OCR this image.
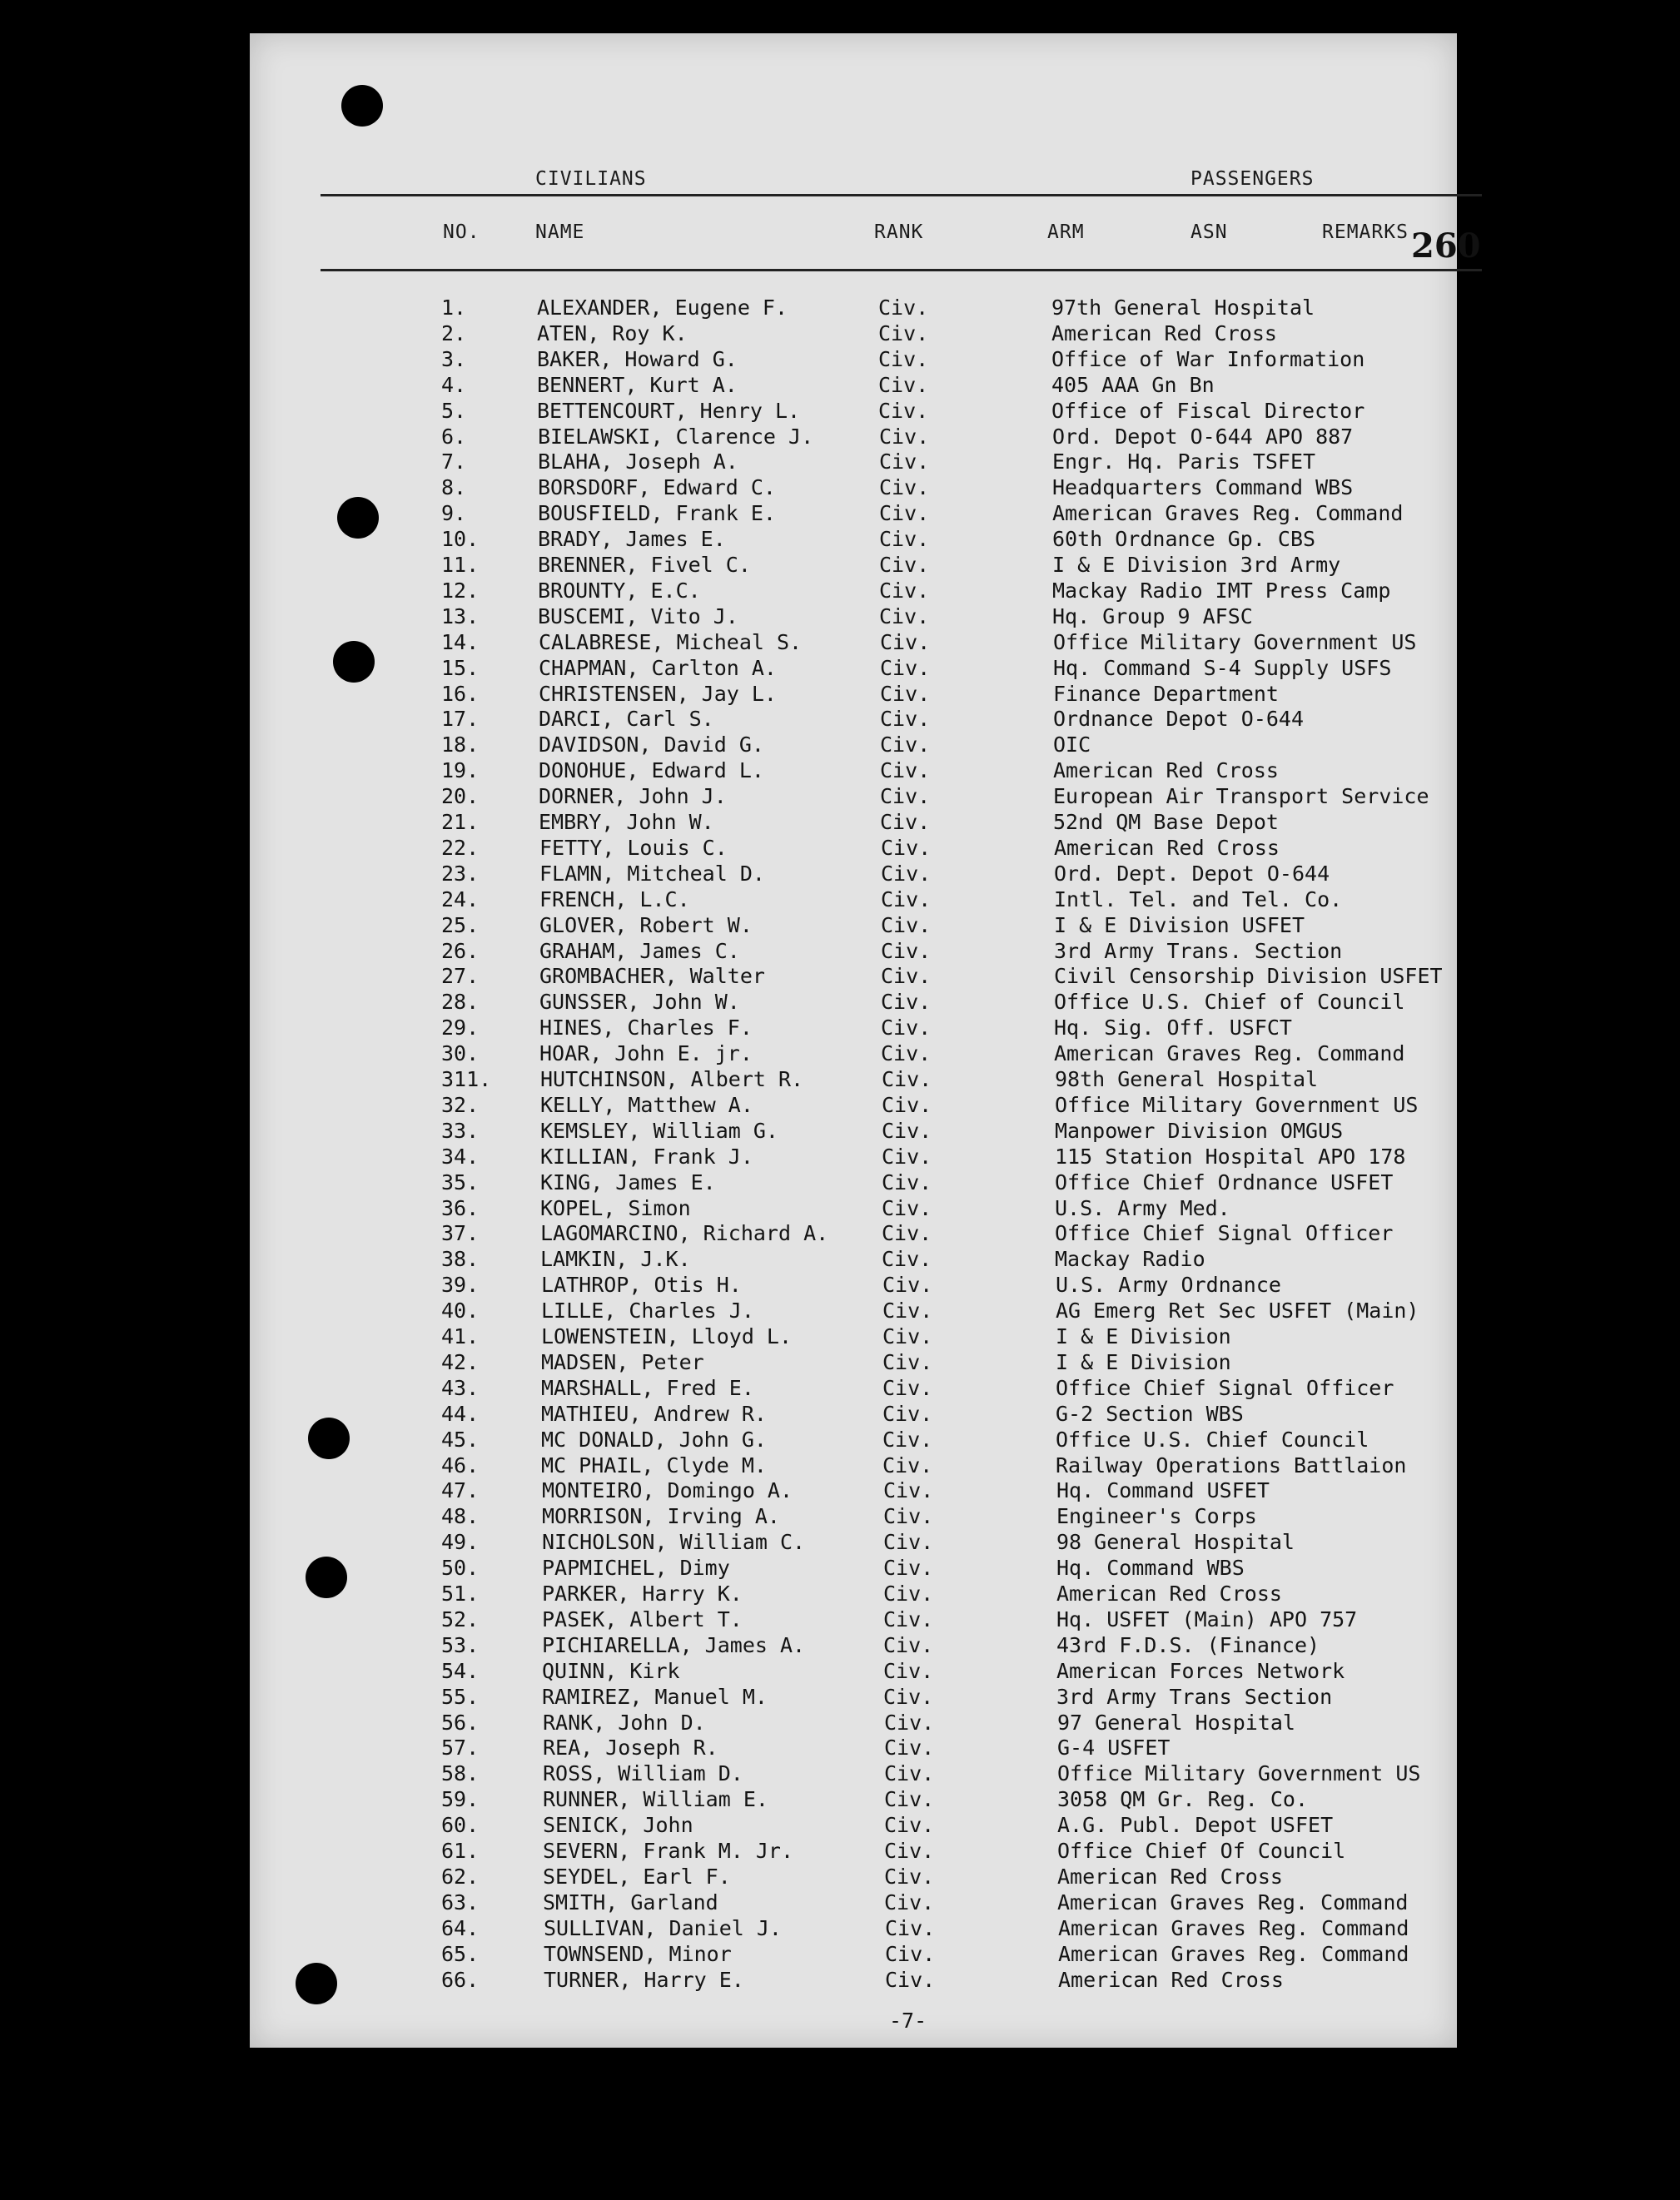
CIVILIANS	PASSENGERS
NO.	NAME	RANK	ARM	ASN	REMARKS 260
1.	ALEXANDER, Eugene F.	Civ.	97th General Hospital
2.	ATEN, Roy K.	Civ.	American Red Cross
3.	BAKER, Howard G.	Civ.	Office of War Information
4.	BENNERT, Kurt A.	Civ.	405 AAA Gn Bn
5.	BETTENCOURT, Henry L.	Civ.	Office of Fiscal Director
6.	BIELAWSKI, Clarence J.	Civ.	Ord. Depot O-644 APO 887
7.	BLAHA, Joseph A.	Civ.	Engr. Hq. Paris TSFET
8.	BORSDORF, Edward C.	Civ.	Headquarters Command WBS
9.	BOUSFIELD, Frank E.	Civ.	American Graves Reg. Command
10.	BRADY, James E.	Civ.	60th Ordnance Gp. CBS
11.	BRENNER, Fivel C.	Civ.	I & E Division 3rd Army
12.	BROUNTY, E.C.	Civ.	Mackay Radio IMT Press Camp
13.	BUSCEMI, Vito J.	Civ.	Hq. Group 9 AFSC
14.	CALABRESE, Micheal S.	Civ.	Office Military Government US
15.	CHAPMAN, Carlton A.	Civ.	Hq. Command S-4 Supply USFS
16.	CHRISTENSEN, Jay L.	Civ.	Finance Department
17.	DARCI, Carl S.	Civ.	Ordnance Depot O-644
18.	DAVIDSON, David G.	Civ.	OIC
19.	DONOHUE, Edward L.	Civ.	American Red Cross
20.	DORNER, John J.	Civ.	European Air Transport Service
21.	EMBRY, John W.	Civ.	52nd QM Base Depot
22.	FETTY, Louis C.	Civ.	American Red Cross
23.	FLAMN, Mitcheal D.	Civ.	Ord. Dept. Depot O-644
24.	FRENCH, L.C.	Civ.	Intl. Tel. and Tel. Co.
25.	GLOVER, Robert W.	Civ.	I & E Division USFET
26.	GRAHAM, James C.	Civ.	3rd Army Trans. Section
27.	GROMBACHER, Walter	Civ.	Civil Censorship Division USFET
28.	GUNSSER, John W.	Civ.	Office U.S. Chief of Council
29.	HINES, Charles F.	Civ.	Hq. Sig. Off. USFCT
30.	HOAR, John E. jr.	Civ.	American Graves Reg. Command
311.	HUTCHINSON, Albert R.	Civ.	98th General Hospital
32.	KELLY, Matthew A.	Civ.	Office Military Government US
33.	KEMSLEY, William G.	Civ.	Manpower Division OMGUS
34.	KILLIAN, Frank J.	Civ.	115 Station Hospital APO 178
35.	KING, James E.	Civ.	Office Chief Ordnance USFET
36.	KOPEL, Simon	Civ.	U.S. Army Med.
37.	LAGOMARCINO, Richard A.	Civ.	Office Chief Signal Officer
38.	LAMKIN, J.K.	Civ.	Mackay Radio
39.	LATHROP, Otis H.	Civ.	U.S. Army Ordnance
40.	LILLE, Charles J.	Civ.	AG Emerg Ret Sec USFET (Main)
41.	LOWENSTEIN, Lloyd L.	Civ.	I & E Division
42.	MADSEN, Peter	Civ.	I & E Division
43.	MARSHALL, Fred E.	Civ.	Office Chief Signal Officer
44.	MATHIEU, Andrew R.	Civ.	G-2 Section WBS
45.	MC DONALD, John G.	Civ.	Office U.S. Chief Council
46.	MC PHAIL, Clyde M.	Civ.	Railway Operations Battlaion
47.	MONTEIRO, Domingo A.	Civ.	Hq. Command USFET
48.	MORRISON, Irving A.	Civ.	Engineer's Corps
49.	NICHOLSON, William C.	Civ.	98 General Hospital
50.	PAPMICHEL, Dimy	Civ.	Hq. Command WBS
51.	PARKER, Harry K.	Civ.	American Red Cross
52.	PASEK, Albert T.	Civ.	Hq. USFET (Main) APO 757
53.	PICHIARELLA, James A.	Civ.	43rd F.D.S. (Finance)
54.	QUINN, Kirk	Civ.	American Forces Network
55.	RAMIREZ, Manuel M.	Civ.	3rd Army Trans Section
56.	RANK, John D.	Civ.	97 General Hospital
57.	REA, Joseph R.	Civ.	G-4 USFET
58.	ROSS, William D.	Civ.	Office Military Government US
59.	RUNNER, William E.	Civ.	3058 QM Gr. Reg. Co.
60.	SENICK, John	Civ.	A.G. Publ. Depot USFET
61.	SEVERN, Frank M. Jr.	Civ.	Office Chief Of Council
62.	SEYDEL, Earl F.	Civ.	American Red Cross
63.	SMITH, Garland	Civ.	American Graves Reg. Command
64.	SULLIVAN, Daniel J.	Civ.	American Graves Reg. Command
65.	TOWNSEND, Minor	Civ.	American Graves Reg. Command
66.	TURNER, Harry E.	Civ.	American Red Cross
-7-
